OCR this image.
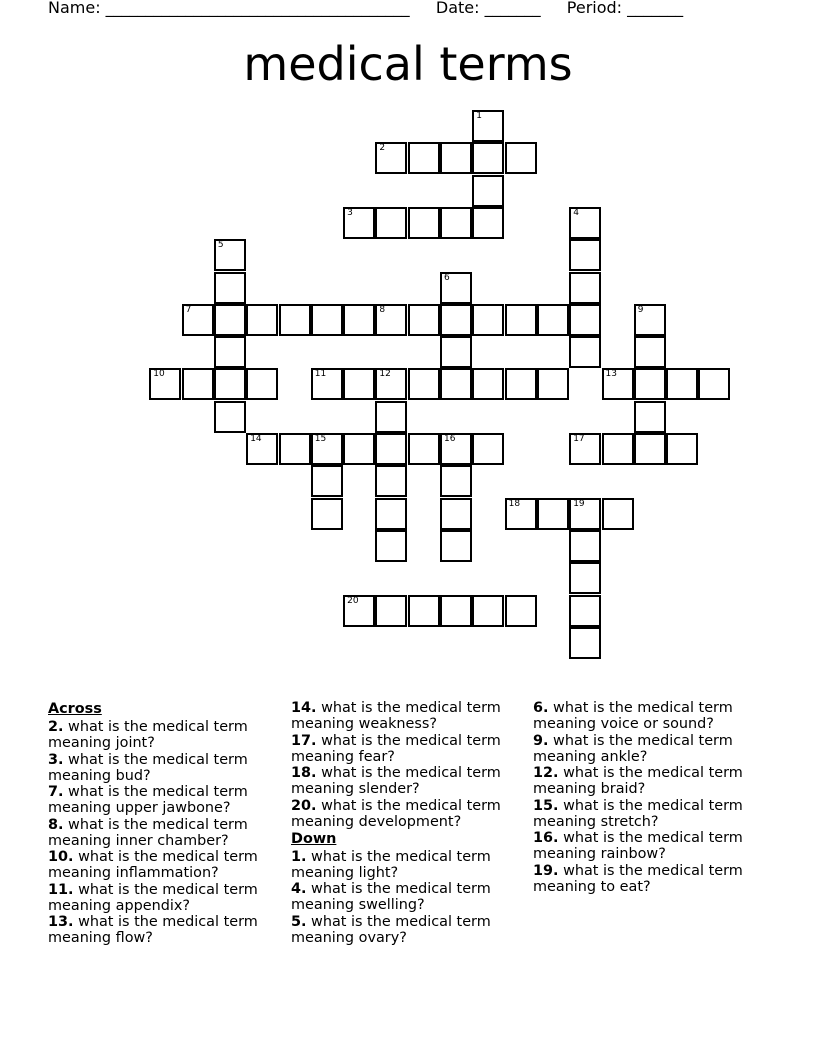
Name: ______________________________________ Date: _______ Period: _______
medical terms
2
3
7	8
10	11	12	13
14	15	16	17
18	19
20
1
4
5
6
9
Across
2. what is the medical term meaning joint?
3. what is the medical term meaning bud?
7. what is the medical term meaning upper jawbone?
8. what is the medical term meaning inner chamber?
10. what is the medical term meaning inflammation?
11. what is the medical term meaning appendix?
13. what is the medical term meaning flow?
14. what is the medical term meaning weakness?
17. what is the medical term meaning fear?
18. what is the medical term meaning slender?
20. what is the medical term meaning development?
Down
1. what is the medical term meaning light?
4. what is the medical term meaning swelling?
5. what is the medical term meaning ovary?
6. what is the medical term meaning voice or sound?
9. what is the medical term meaning ankle?
12. what is the medical term meaning braid?
15. what is the medical term meaning stretch?
16. what is the medical term meaning rainbow?
19. what is the medical term meaning to eat?
